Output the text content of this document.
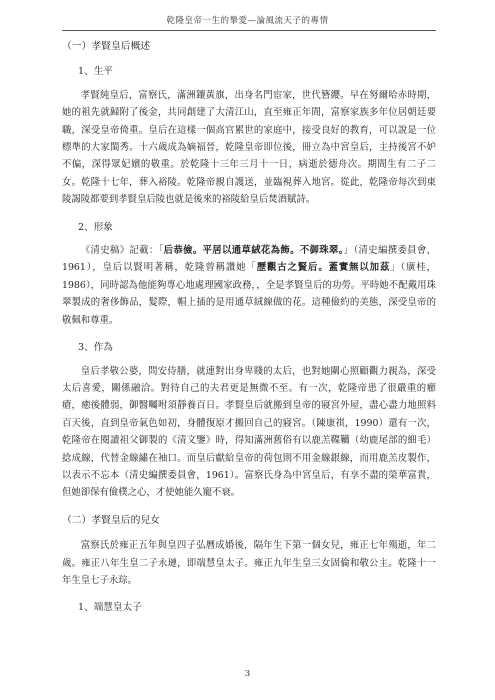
乾隆皇帝一生的摯愛—論風流天子的專情
（一）孝賢皇后概述
1、生平

孝賢純皇后，富察氏，滿洲鑲黃旗，出身名門宦家，世代簪纓。早在努爾哈赤時期，她的祖先就歸附了後金，共同創建了大清江山，直至雍正年間，富察家族多年位居朝廷要職，深受皇帝倚重。皇后在這樣一個高官累世的家庭中，接受良好的教育，可以說是一位標準的大家閨秀。十六歲成為嫡福晉，乾隆皇帝即位後，冊立為中宮皇后，主持後宮不妒不偏，深得眾妃嬪的敬重。於乾隆十三年三月十一日，病逝於德舟次。期間生有二子二女。乾隆十七年，葬入裕陵。乾隆帝親自護送，並臨視葬入地宮。從此，乾隆帝每次到東陵謁陵都要到孝賢皇后陵也就是後來的裕陵給皇后焚酒賦詩。

2、形象

《清史稿》記載：「后恭儉。平居以通草絨花為飾。不御珠翠。」（清史編撰委員會，1961），皇后以賢明著稱，乾隆曾稱讚她「歷觀古之賢后。蓋實無以加茲」（廣桂，1986），同時認為他能夠專心地處理國家政務，，全是孝賢皇后的功勞。平時她不配戴用珠翠製成的奢侈飾品，髮際，帽上插的是用通草絨線做的花。這種儉約的美態，深受皇帝的敬佩和尊重。

3、作為

皇后孝敬公婆，問安侍膳，就連對出身卑賤的太后，也對她關心照顧觀力親為，深受太后喜愛，關係融洽。對待自己的夫君更是無微不至。有一次，乾隆帝患了很嚴重的癤瘡，癒後體弱，御醫囑咐須靜養百日。孝賢皇后就搬到皇帝的寢宮外屋，盡心盡力地照料百天後，直到皇帝氣色如初，身體復原才搬回自己的寢宮。（陳康祺，1990）還有一次，乾隆帝在閱讀祖父御製的《清文鑒》時，得知滿洲舊俗有以鹿羔鞢韉（幼鹿尾部的細毛）捻成線，代替金線繡在袖口。而皇后獻給皇帝的荷包則不用金線銀線，而用鹿羔皮製作，以表示不忘本（清史編撰委員會，1961）。富察氏身為中宮皇后，有享不盡的榮華富貴，但她卻保有儉樸之心，才使她能久寵不衰。

（二）孝賢皇后的兒女

富察氏於雍正五年與皇四子弘曆成婚後，隔年生下第一個女兒，雍正七年殤逝，年二歲。雍正八年生皇二子永璉，即端慧皇太子。雍正九年生皇三女固倫和敬公主。乾隆十一年生皇七子永琮。

1、端慧皇太子
3
